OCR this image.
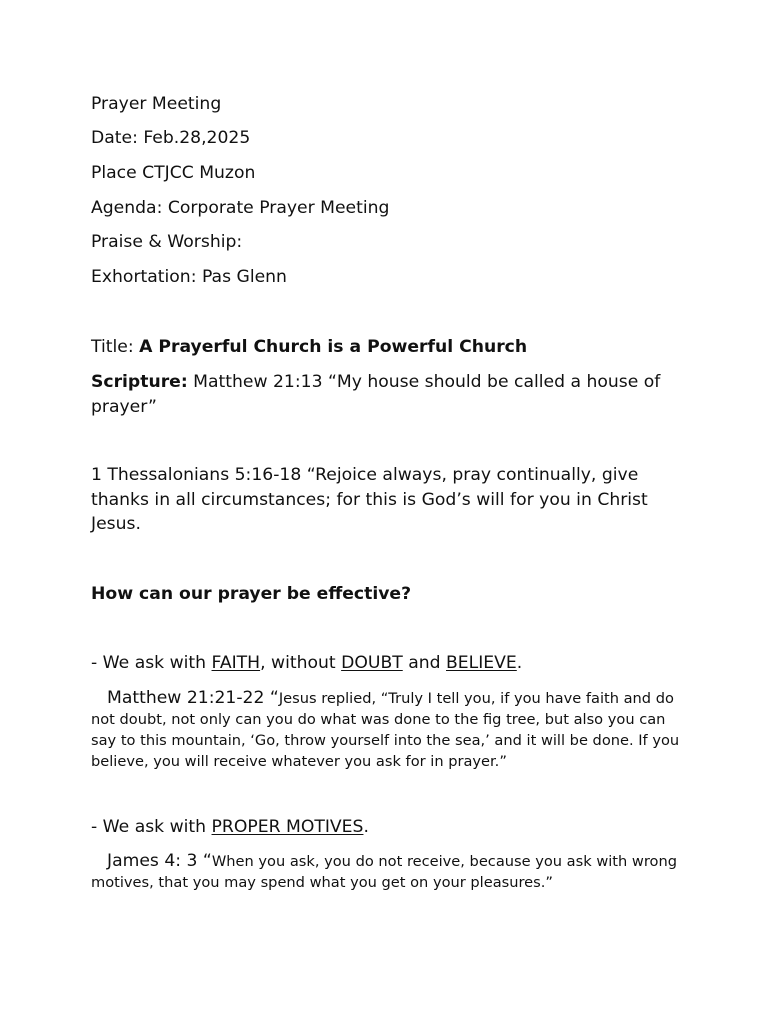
Prayer Meeting
Date: Feb.28,2025
Place CTJCC Muzon
Agenda: Corporate Prayer Meeting
Praise & Worship:
Exhortation: Pas Glenn
Title: A Prayerful Church is a Powerful Church
Scripture: Matthew 21:13 “My house should be called a house of prayer”
1 Thessalonians 5:16-18 “Rejoice always, pray continually, give thanks in all circumstances; for this is God’s will for you in Christ Jesus.
How can our prayer be effective?
- We ask with FAITH, without DOUBT and BELIEVE.
Matthew 21:21-22 “Jesus replied, “Truly I tell you, if you have faith and do not doubt, not only can you do what was done to the fig tree, but also you can say to this mountain, ‘Go, throw yourself into the sea,’ and it will be done. If you believe, you will receive whatever you ask for in prayer.”
- We ask with PROPER MOTIVES.
James 4: 3 “When you ask, you do not receive, because you ask with wrong motives, that you may spend what you get on your pleasures.”
